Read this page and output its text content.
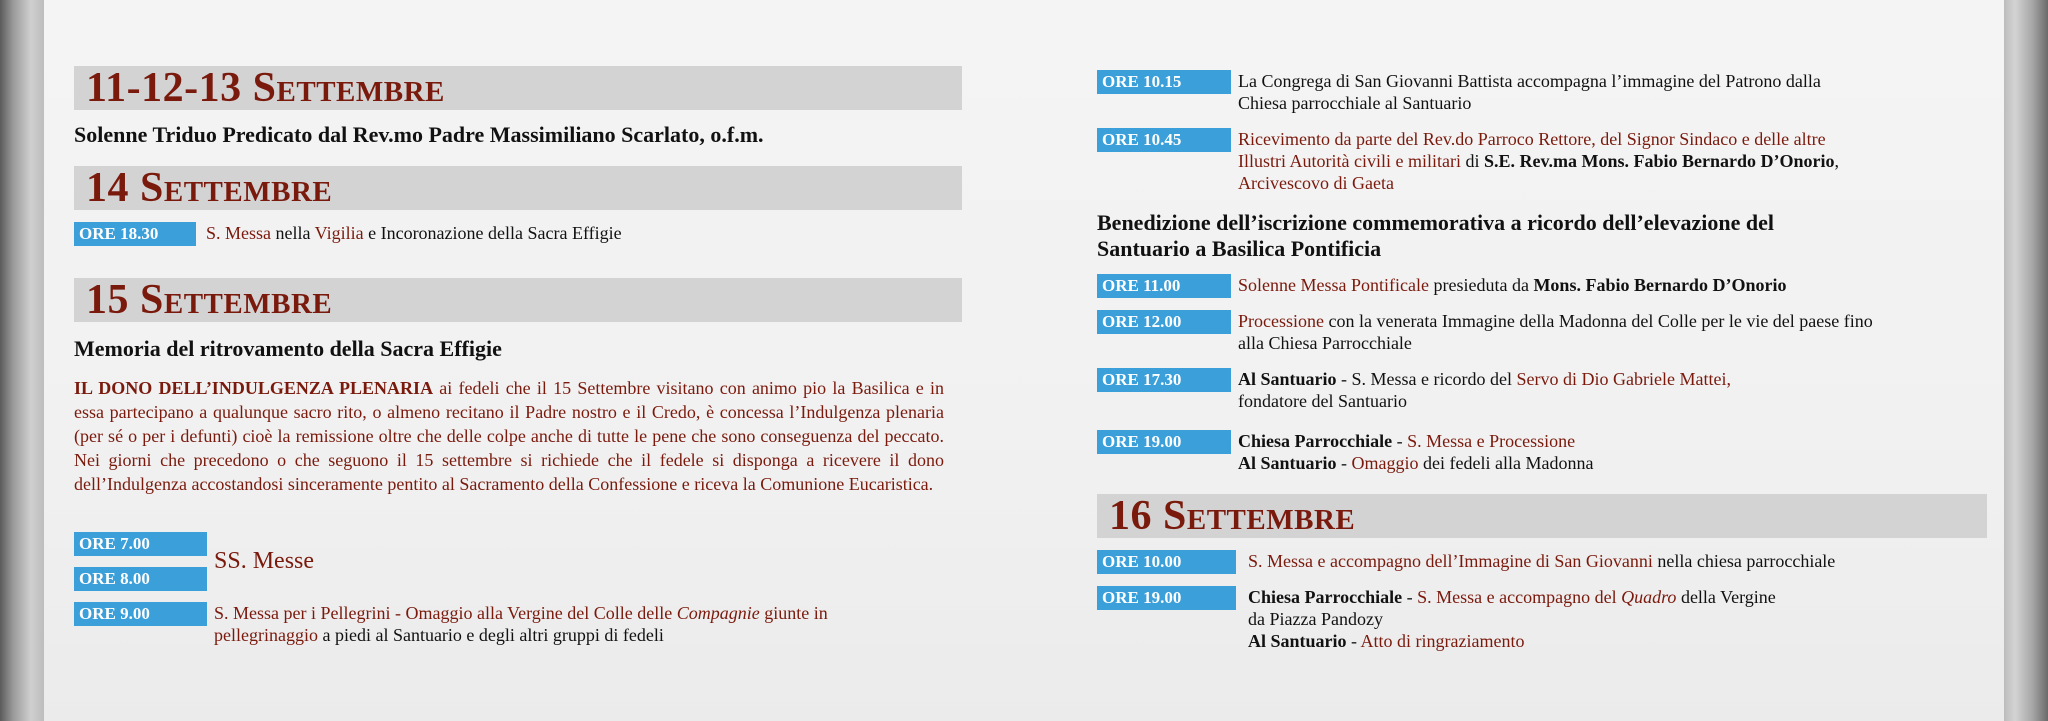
11-12-13
Settembre
Solenne Triduo Predicato dal Rev.mo Padre Massimiliano Scarlato, o.f.m.
14
Settembre
ORE 18.30	S. Messa nella Vigilia e Incoronazione della Sacra Effigie
15
Settembre
Memoria del ritrovamento della Sacra Effigie
IL DONO DELL’INDULGENZA PLENARIA ai fedeli che il 15 Settembre visitano con animo pio la Basilica e in essa partecipano a qualunque sacro rito, o almeno recitano il Padre nostro e il Credo, è concessa l’Indulgenza plenaria (per sé o per i defunti) cioè la remissione oltre che delle colpe anche di tutte le pene che sono conseguenza del peccato. Nei giorni che precedono o che seguono il 15 settembre si richiede che il fedele si disponga a ricevere il dono dell’Indulgenza accostandosi sinceramente pentito al Sacramento della Confessione e riceva la Comunione Eucaristica.
ORE 7.00
ORE 8.00
SS. Messe
ORE 9.00	S. Messa per i Pellegrini - Omaggio alla Vergine del Colle delle Compagnie giunte in
pellegrinaggio a piedi al Santuario e degli altri gruppi di fedeli
ORE 10.15	La Congrega di San Giovanni Battista accompagna l’immagine del Patrono dalla
Chiesa parrocchiale al Santuario
ORE 10.45	Ricevimento da parte del Rev.do Parroco Rettore, del Signor Sindaco e delle altre
Illustri Autorità civili e militari di S.E. Rev.ma Mons. Fabio Bernardo D’Onorio,
Arcivescovo di Gaeta
Benedizione dell’iscrizione commemorativa a ricordo dell’elevazione del
Santuario a Basilica Pontificia
ORE 11.00	Solenne Messa Pontificale presieduta da Mons. Fabio Bernardo D’Onorio
ORE 12.00	Processione con la venerata Immagine della Madonna del Colle per le vie del paese fino
alla Chiesa Parrocchiale
ORE 17.30	Al Santuario - S. Messa e ricordo del Servo di Dio Gabriele Mattei,
fondatore del Santuario
ORE 19.00	Chiesa Parrocchiale - S. Messa e Processione
Al Santuario - Omaggio dei fedeli alla Madonna
16
Settembre
ORE 10.00	S. Messa e accompagno dell’Immagine di San Giovanni nella chiesa parrocchiale
ORE 19.00	Chiesa Parrocchiale - S. Messa e accompagno del Quadro della Vergine
da Piazza Pandozy
Al Santuario - Atto di ringraziamento
